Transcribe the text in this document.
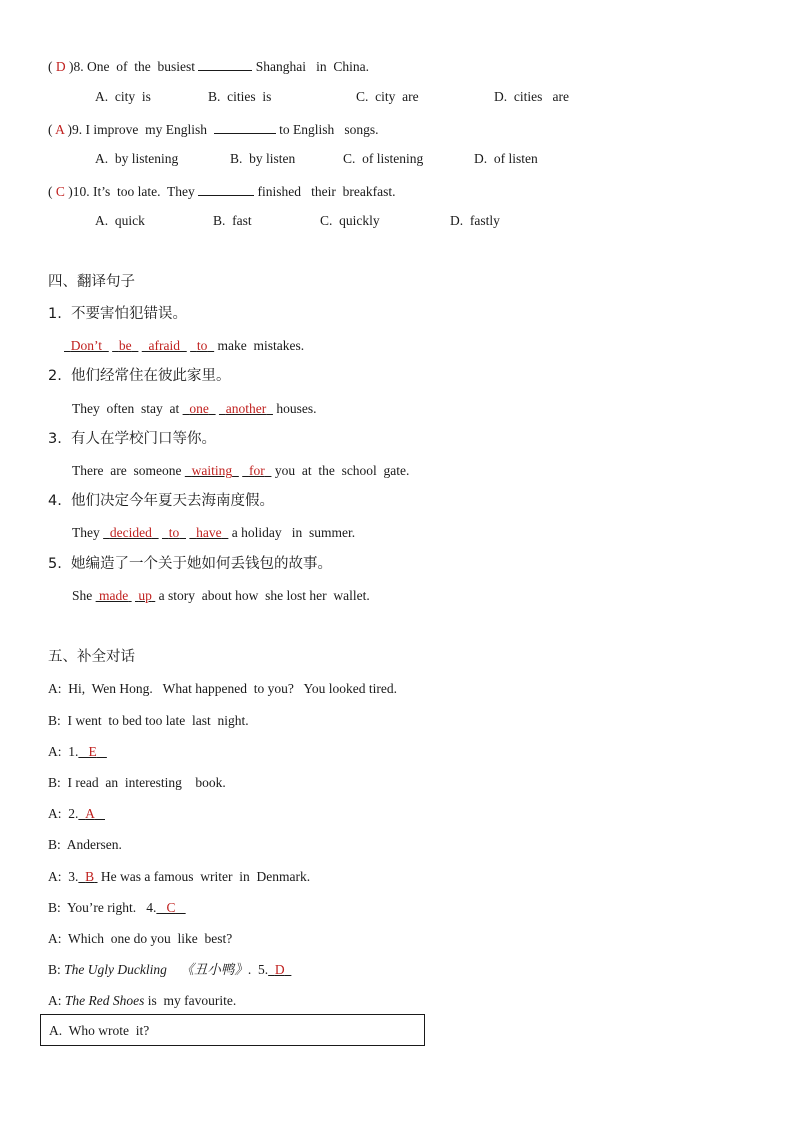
( D )8. One  of  the  busiest	Shanghai   in  China.
A.  city  is	B.  cities  is	C.  city  are	D.  cities   are
( A )9. I improve  my English	to English   songs.
A.  by listening	B.  by listen	C.  of listening	D.  of listen
( C )10. It’s  too late.  They	finished   their  breakfast.
A.  quick	B.  fast	C.  quickly	D.  fastly
四、翻译句子
1.  不要害怕犯错误。
Don’t be afraid to make  mistakes.
2.  他们经常住在彼此家里。
They  often  stay  at   one another houses.
3.  有人在学校门口等你。
There  are  someone   waiting for you  at  the  school  gate.
4.  他们决定今年夏天去海南度假。
They   decided to have a holiday   in  summer.
5.  她编造了一个关于她如何丢钱包的故事。
She  made up a story  about how  she lost her  wallet.
五、补全对话
A:  Hi,  Wen Hong.   What happened  to you?   You looked tired.
B:  I went  to bed too late  last  night.
A:  1. E
B:  I read  an  interesting    book.
A:  2. A
B:  Andersen.
A:  3. B He was a famous  writer  in  Denmark.
B:  You’re right.   4. C
A:  Which  one do you  like  best?
B: The Ugly Duckling 《丑小鸭》.  5. D
A: The Red Shoes is  my favourite.
A.  Who wrote  it?
